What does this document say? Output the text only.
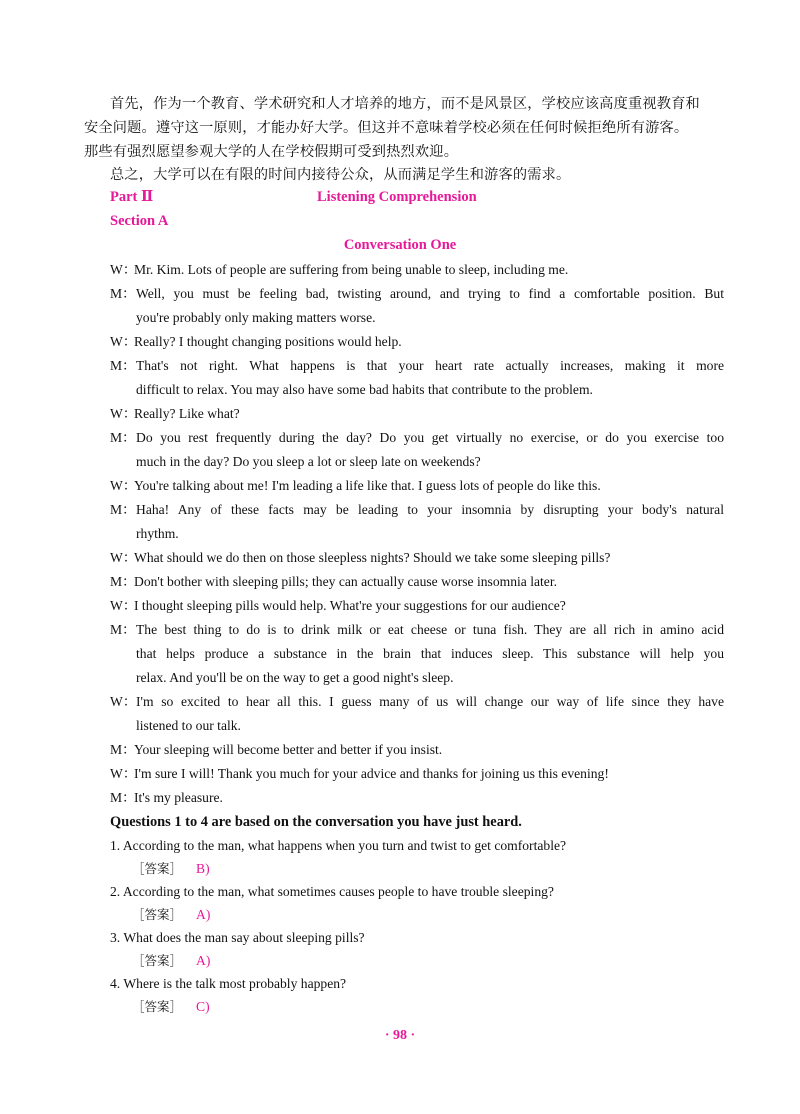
首先，作为一个教育、学术研究和人才培养的地方，而不是风景区，学校应该高度重视教育和
安全问题。遵守这一原则，才能办好大学。但这并不意味着学校必须在任何时候拒绝所有游客。
那些有强烈愿望参观大学的人在学校假期可受到热烈欢迎。
总之，大学可以在有限的时间内接待公众，从而满足学生和游客的需求。
Part Ⅱ	Listening Comprehension
Section A
Conversation One
W：Mr. Kim. Lots of people are suffering from being unable to sleep, including me.
M： Well, you must be feeling bad, twisting around, and trying to find a comfortable position. But
you're probably only making matters worse.
W：Really? I thought changing positions would help.
M： That's not right. What happens is that your heart rate actually increases, making it more
difficult to relax. You may also have some bad habits that contribute to the problem.
W：Really? Like what?
M： Do you rest frequently during the day? Do you get virtually no exercise, or do you exercise too
much in the day? Do you sleep a lot or sleep late on weekends?
W：You're talking about me! I'm leading a life like that. I guess lots of people do like this.
M： Haha! Any of these facts may be leading to your insomnia by disrupting your body's natural
rhythm.
W：What should we do then on those sleepless nights? Should we take some sleeping pills?
M：Don't bother with sleeping pills; they can actually cause worse insomnia later.
W：I thought sleeping pills would help. What're your suggestions for our audience?
M： The best thing to do is to drink milk or eat cheese or tuna fish. They are all rich in amino acid
that helps produce a substance in the brain that induces sleep. This substance will help you
relax. And you'll be on the way to get a good night's sleep.
W： I'm so excited to hear all this. I guess many of us will change our way of life since they have
listened to our talk.
M：Your sleeping will become better and better if you insist.
W：I'm sure I will! Thank you much for your advice and thanks for joining us this evening!
M：It's my pleasure.
Questions 1 to 4 are based on the conversation you have just heard.
1. According to the man, what happens when you turn and twist to get comfortable?
［答案］ B)
2. According to the man, what sometimes causes people to have trouble sleeping?
［答案］ A)
3. What does the man say about sleeping pills?
［答案］ A)
4. Where is the talk most probably happen?
［答案］ C)
· 98 ·
